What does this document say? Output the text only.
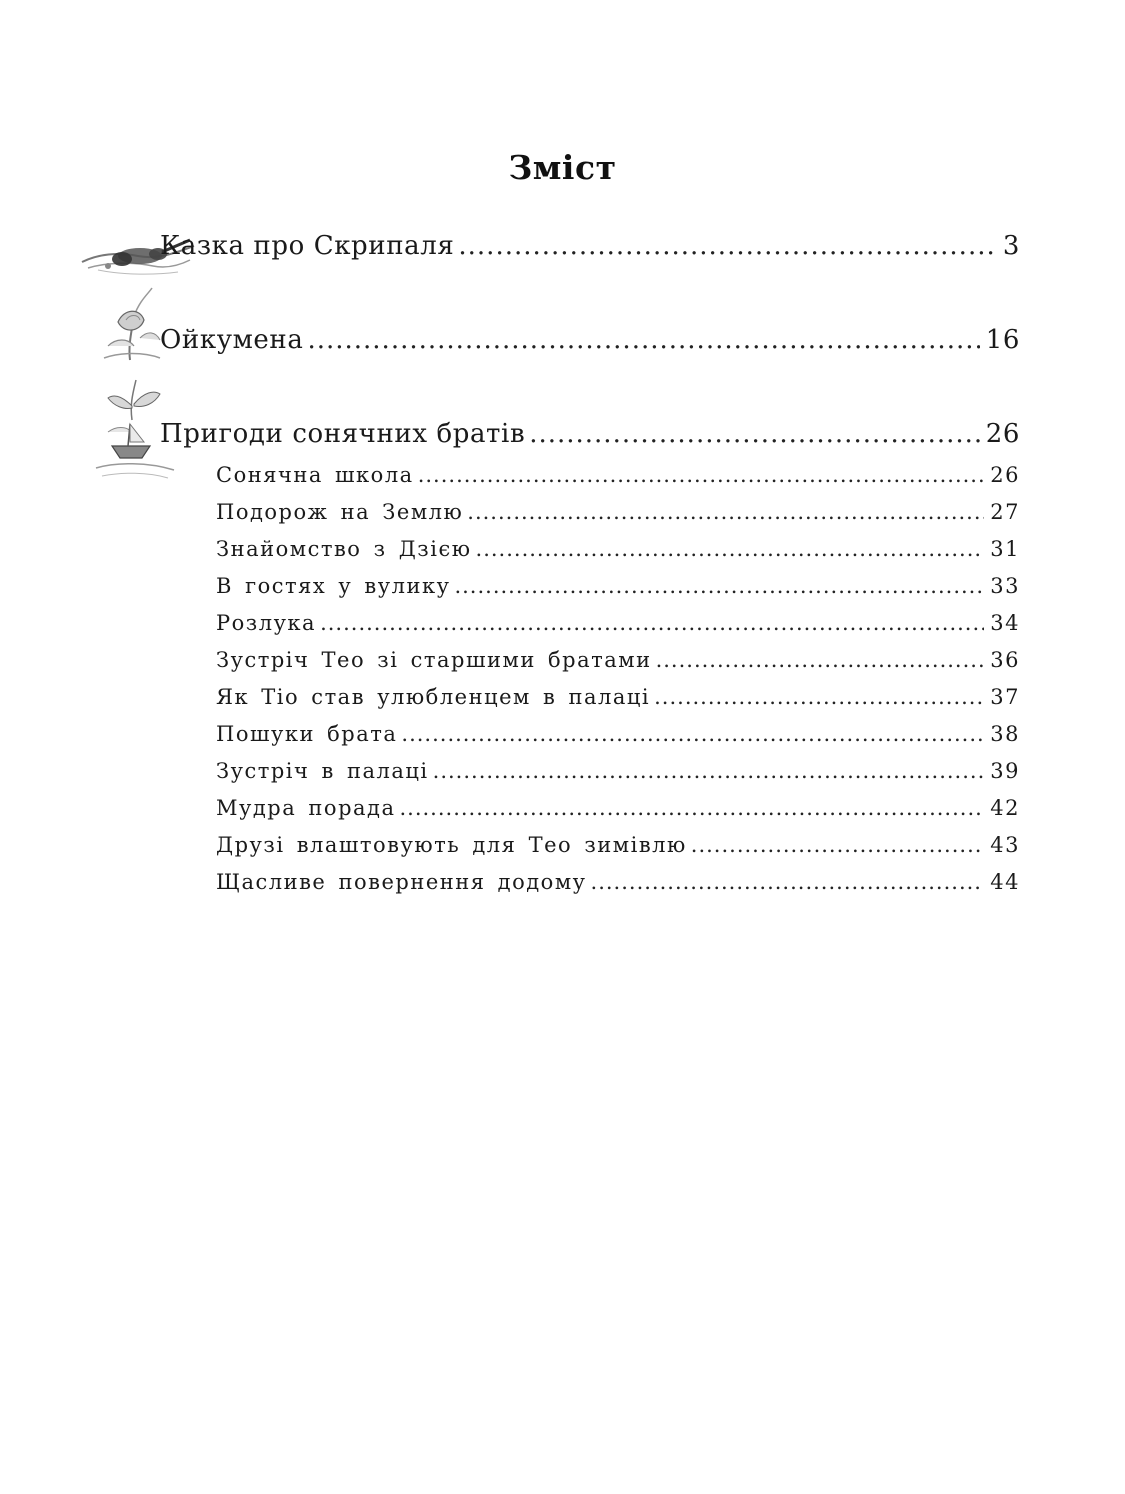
Зміст
Казка про Скрипаля .....	3
Ойкумена .....	16
Пригоди сонячних братів .....	26
Сонячна школа .....	26
Подорож на Землю .....	27
Знайомство з Дзією .....	31
В гостях у вулику .....	33
Розлука .....	34
Зустріч Тео зі старшими братами .....	36
Як Тіо став улюбленцем в палаці .....	37
Пошуки брата .....	38
Зустріч в палаці .....	39
Мудра порада .....	42
Друзі влаштовують для Тео зимівлю .....	43
Щасливе повернення додому .....	44
